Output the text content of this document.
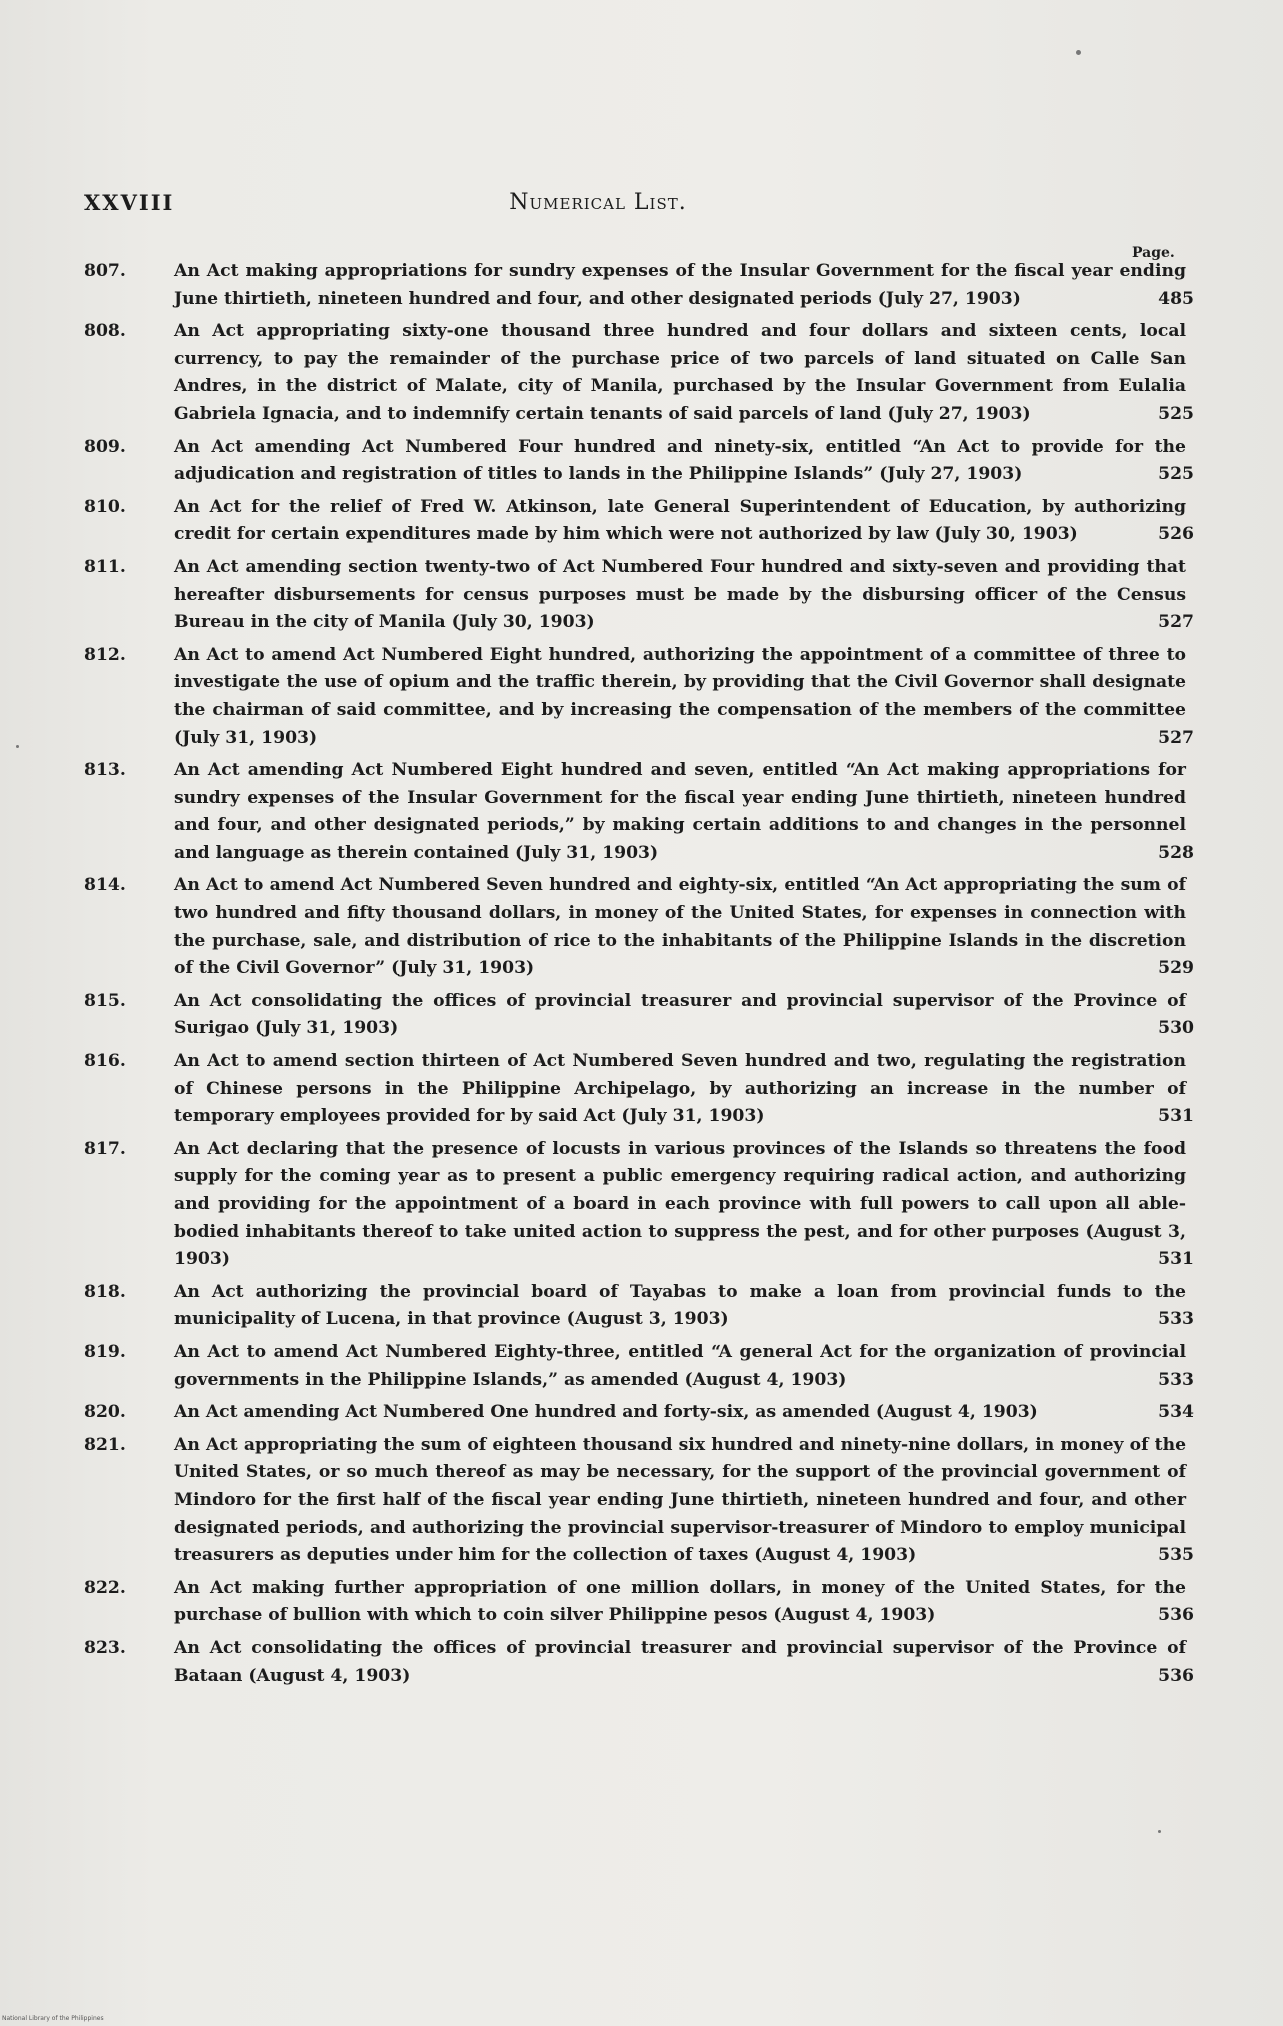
XXVIII	Numerical List.
Page.
807.	An Act making appropriations for sundry expenses of the Insular Government for the fiscal year ending June thirtieth, nineteen hundred and four, and other designated periods (July 27, 1903)	485
808.	An Act appropriating sixty-one thousand three hundred and four dollars and sixteen cents, local currency, to pay the remainder of the purchase price of two parcels of land situated on Calle San Andres, in the district of Malate, city of Manila, purchased by the Insular Government from Eulalia Gabriela Ignacia, and to indemnify certain tenants of said parcels of land (July 27, 1903)	525
809.	An Act amending Act Numbered Four hundred and ninety-six, entitled “An Act to provide for the adjudication and registration of titles to lands in the Philippine Islands” (July 27, 1903)	525
810.	An Act for the relief of Fred W. Atkinson, late General Superintendent of Education, by authorizing credit for certain expenditures made by him which were not authorized by law (July 30, 1903)	526
811.	An Act amending section twenty-two of Act Numbered Four hundred and sixty-seven and providing that hereafter disbursements for census purposes must be made by the disbursing officer of the Census Bureau in the city of Manila (July 30, 1903)	527
812.	An Act to amend Act Numbered Eight hundred, authorizing the appointment of a committee of three to investigate the use of opium and the traffic therein, by providing that the Civil Governor shall designate the chairman of said committee, and by increasing the compensation of the members of the committee (July 31, 1903)	527
813.	An Act amending Act Numbered Eight hundred and seven, entitled “An Act making appropriations for sundry expenses of the Insular Government for the fiscal year ending June thirtieth, nineteen hundred and four, and other designated periods,” by making certain additions to and changes in the personnel and language as therein contained (July 31, 1903)	528
814.	An Act to amend Act Numbered Seven hundred and eighty-six, entitled “An Act appropriating the sum of two hundred and fifty thousand dollars, in money of the United States, for expenses in connection with the purchase, sale, and distribution of rice to the inhabitants of the Philippine Islands in the discretion of the Civil Governor” (July 31, 1903)	529
815.	An Act consolidating the offices of provincial treasurer and provincial supervisor of the Province of Surigao (July 31, 1903)	530
816.	An Act to amend section thirteen of Act Numbered Seven hundred and two, regulating the registration of Chinese persons in the Philippine Archipelago, by authorizing an increase in the number of temporary employees provided for by said Act (July 31, 1903)	531
817.	An Act declaring that the presence of locusts in various provinces of the Islands so threatens the food supply for the coming year as to present a public emergency requiring radical action, and authorizing and providing for the appointment of a board in each province with full powers to call upon all able-bodied inhabitants thereof to take united action to suppress the pest, and for other purposes (August 3, 1903)	531
818.	An Act authorizing the provincial board of Tayabas to make a loan from provincial funds to the municipality of Lucena, in that province (August 3, 1903)	533
819.	An Act to amend Act Numbered Eighty-three, entitled “A general Act for the organization of provincial governments in the Philippine Islands,” as amended (August 4, 1903)	533
820.	An Act amending Act Numbered One hundred and forty-six, as amended (August 4, 1903)	534
821.	An Act appropriating the sum of eighteen thousand six hundred and ninety-nine dollars, in money of the United States, or so much thereof as may be necessary, for the support of the provincial government of Mindoro for the first half of the fiscal year ending June thirtieth, nineteen hundred and four, and other designated periods, and authorizing the provincial supervisor-treasurer of Mindoro to employ municipal treasurers as deputies under him for the collection of taxes (August 4, 1903)	535
822.	An Act making further appropriation of one million dollars, in money of the United States, for the purchase of bullion with which to coin silver Philippine pesos (August 4, 1903)	536
823.	An Act consolidating the offices of provincial treasurer and provincial supervisor of the Province of Bataan (August 4, 1903)	536
National Library of the Philippines
